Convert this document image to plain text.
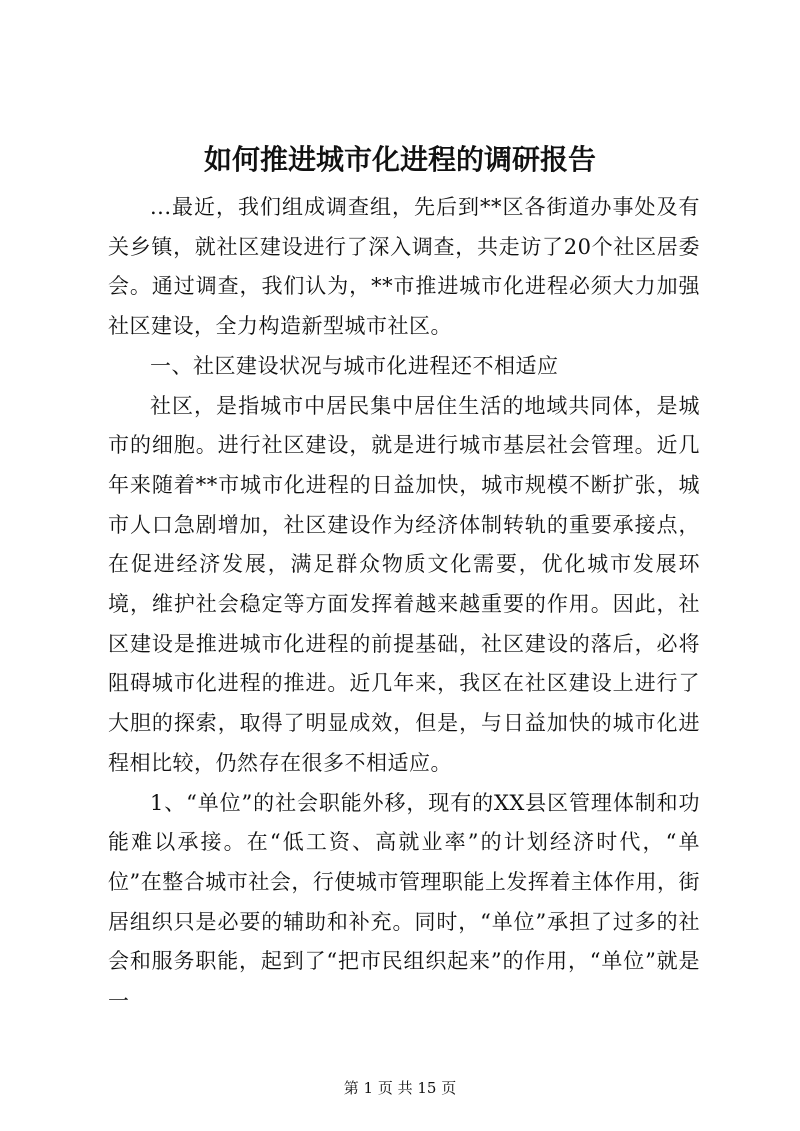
如何推进城市化进程的调研报告

...最近，我们组成调查组，先后到**区各街道办事处及有关乡镇，就社区建设进行了深入调查，共走访了20个社区居委会。通过调查，我们认为，**市推进城市化进程必须大力加强社区建设，全力构造新型城市社区。

一、社区建设状况与城市化进程还不相适应

社区，是指城市中居民集中居住生活的地域共同体，是城市的细胞。进行社区建设，就是进行城市基层社会管理。近几年来随着**市城市化进程的日益加快，城市规模不断扩张，城市人口急剧增加，社区建设作为经济体制转轨的重要承接点，在促进经济发展，满足群众物质文化需要，优化城市发展环境，维护社会稳定等方面发挥着越来越重要的作用。因此，社区建设是推进城市化进程的前提基础，社区建设的落后，必将阻碍城市化进程的推进。近几年来，我区在社区建设上进行了大胆的探索，取得了明显成效，但是，与日益加快的城市化进程相比较，仍然存在很多不相适应。

1、“单位”的社会职能外移，现有的XX县区管理体制和功能难以承接。在“低工资、高就业率”的计划经济时代，“单位”在整合城市社会，行使城市管理职能上发挥着主体作用，街居组织只是必要的辅助和补充。同时，“单位”承担了过多的社会和服务职能，起到了“把市民组织起来”的作用，“单位”就是一

第 1 页 共 15 页
